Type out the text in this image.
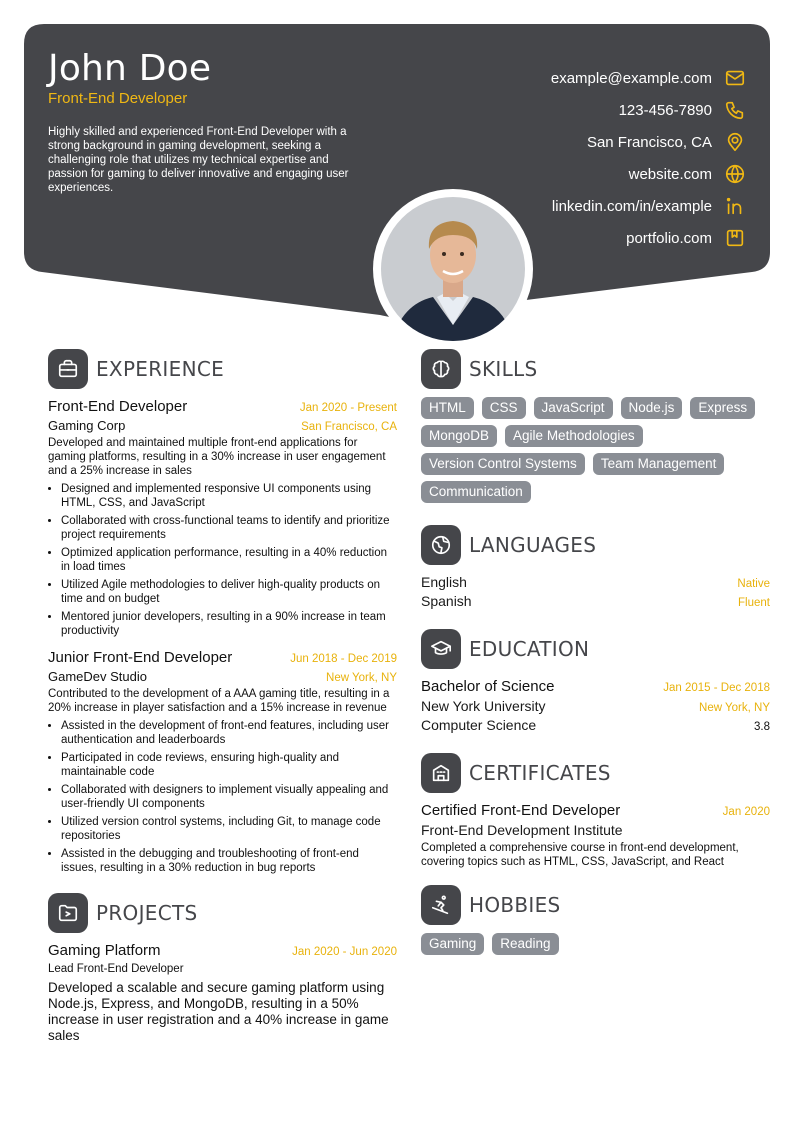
John Doe
Front-End Developer
Highly skilled and experienced Front-End Developer with a strong background in gaming development, seeking a challenging role that utilizes my technical expertise and passion for gaming to deliver innovative and engaging user experiences.
example@example.com
123-456-7890
San Francisco, CA
website.com
linkedin.com/in/example
portfolio.com
EXPERIENCE
Front-End Developer	Jan 2020 - Present
Gaming Corp	San Francisco, CA
Developed and maintained multiple front-end applications for gaming platforms, resulting in a 30% increase in user engagement and a 25% increase in sales
• Designed and implemented responsive UI components using HTML, CSS, and JavaScript
• Collaborated with cross-functional teams to identify and prioritize project requirements
• Optimized application performance, resulting in a 40% reduction in load times
• Utilized Agile methodologies to deliver high-quality products on time and on budget
• Mentored junior developers, resulting in a 90% increase in team productivity
Junior Front-End Developer	Jun 2018 - Dec 2019
GameDev Studio	New York, NY
Contributed to the development of a AAA gaming title, resulting in a 20% increase in player satisfaction and a 15% increase in revenue
• Assisted in the development of front-end features, including user authentication and leaderboards
• Participated in code reviews, ensuring high-quality and maintainable code
• Collaborated with designers to implement visually appealing and user-friendly UI components
• Utilized version control systems, including Git, to manage code repositories
• Assisted in the debugging and troubleshooting of front-end issues, resulting in a 30% reduction in bug reports
PROJECTS
Gaming Platform	Jan 2020 - Jun 2020
Lead Front-End Developer
Developed a scalable and secure gaming platform using Node.js, Express, and MongoDB, resulting in a 50% increase in user registration and a 40% increase in game sales
SKILLS
HTML	CSS	JavaScript	Node.js	Express
MongoDB	Agile Methodologies
Version Control Systems	Team Management
Communication
LANGUAGES
English	Native
Spanish	Fluent
EDUCATION
Bachelor of Science	Jan 2015 - Dec 2018
New York University	New York, NY
Computer Science	3.8
CERTIFICATES
Certified Front-End Developer	Jan 2020
Front-End Development Institute
Completed a comprehensive course in front-end development, covering topics such as HTML, CSS, JavaScript, and React
HOBBIES
Gaming	Reading
